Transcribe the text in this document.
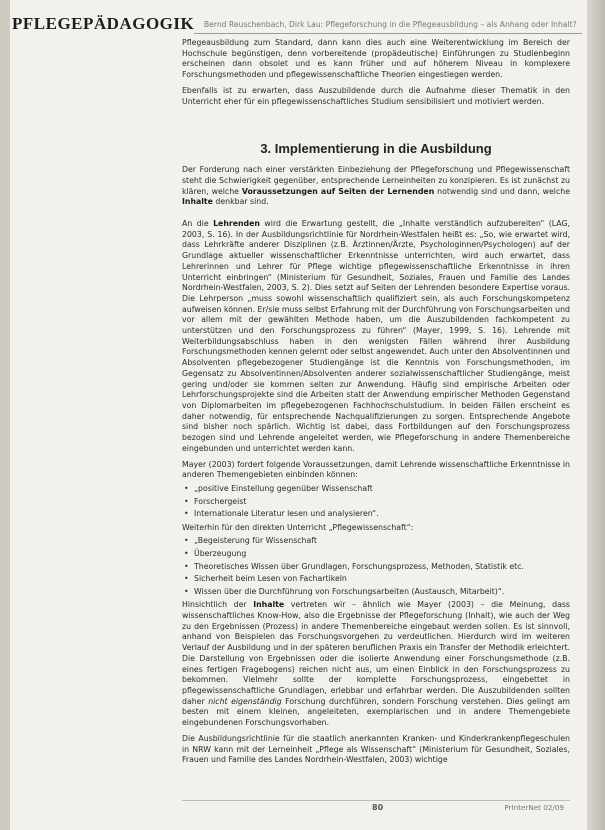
PFLEGEPÄDAGOGIK Bernd Reuschenbach, Dirk Lau: Pflegeforschung in die Pflegeausbildung – als Anhang oder Inhalt?

Pflegeausbildung zum Standard, dann kann dies auch eine Weiterentwicklung im Bereich der Hochschule begünstigen, denn vorbereitende (propädeutische) Einführungen zu Studienbeginn erscheinen dann obsolet und es kann früher und auf höherem Niveau in komplexere Forschungsmethoden und pflegewissenschaftliche Theorien eingestiegen werden.

Ebenfalls ist zu erwarten, dass Auszubildende durch die Aufnahme dieser Thematik in den Unterricht eher für ein pflegewissenschaftliches Studium sensibilisiert und motiviert werden.

3. Implementierung in die Ausbildung

Der Forderung nach einer verstärkten Einbeziehung der Pflegeforschung und Pflegewissenschaft steht die Schwierigkeit gegenüber, entsprechende Lerneinheiten zu konzipieren. Es ist zunächst zu klären, welche Voraussetzungen auf Seiten der Lernenden notwendig sind und dann, welche Inhalte denkbar sind.

An die Lehrenden wird die Erwartung gestellt, die „Inhalte verständlich aufzubereiten“ (LAG, 2003, S. 16). In der Ausbildungsrichtlinie für Nordrhein-Westfalen heißt es: „So, wie erwartet wird, dass Lehrkräfte anderer Disziplinen (z.B. Ärztinnen/Ärzte, Psychologinnen/Psychologen) auf der Grundlage aktueller wissenschaftlicher Erkenntnisse unterrichten, wird auch erwartet, dass Lehrerinnen und Lehrer für Pflege wichtige pflegewissenschaftliche Erkenntnisse in ihren Unterricht einbringen“ (Ministerium für Gesundheit, Soziales, Frauen und Familie des Landes Nordrhein-Westfalen, 2003, S. 2). Dies setzt auf Seiten der Lehrenden besondere Expertise voraus. Die Lehrperson „muss sowohl wissenschaftlich qualifiziert sein, als auch Forschungskompetenz aufweisen können. Er/sie muss selbst Erfahrung mit der Durchführung von Forschungsarbeiten und vor allem mit der gewählten Methode haben, um die Auszubildenden fachkompetent zu unterstützen und den Forschungsprozess zu führen“ (Mayer, 1999, S. 16). Lehrende mit Weiterbildungsabschluss haben in den wenigsten Fällen während ihrer Ausbildung Forschungsmethoden kennen gelernt oder selbst angewendet. Auch unter den Absolventinnen und Absolventen pflegebezogener Studiengänge ist die Kenntnis von Forschungsmethoden, im Gegensatz zu Absolventinnen/Absolventen anderer sozialwissenschaftlicher Studiengänge, meist gering und/oder sie kommen selten zur Anwendung. Häufig sind empirische Arbeiten oder Lehrforschungsprojekte sind die Arbeiten statt der Anwendung empirischer Methoden Gegenstand von Diplomarbeiten im pflegebezogenen Fachhochschulstudium. In beiden Fällen erscheint es daher notwendig, für entsprechende Nachqualifizierungen zu sorgen. Entsprechende Angebote sind bisher noch spärlich. Wichtig ist dabei, dass Fortbildungen auf den Forschungsprozess bezogen sind und Lehrende angeleitet werden, wie Pflegeforschung in andere Themenbereiche eingebunden und unterrichtet werden kann.

Mayer (2003) fordert folgende Voraussetzungen, damit Lehrende wissenschaftliche Erkenntnisse in anderen Themengebieten einbinden können:

• „positive Einstellung gegenüber Wissenschaft
• Forschergeist
• Internationale Literatur lesen und analysieren“.

Weiterhin für den direkten Unterricht „Pflegewissenschaft“:

• „Begeisterung für Wissenschaft
• Überzeugung
• Theoretisches Wissen über Grundlagen, Forschungsprozess, Methoden, Statistik etc.
• Sicherheit beim Lesen von Fachartikeln
• Wissen über die Durchführung von Forschungsarbeiten (Austausch, Mitarbeit)“.

Hinsichtlich der Inhalte vertreten wir – ähnlich wie Mayer (2003) – die Meinung, dass wissenschaftliches Know-How, also die Ergebnisse der Pflegeforschung (Inhalt), wie auch der Weg zu den Ergebnissen (Prozess) in andere Themenbereiche eingebaut werden sollen. Es ist sinnvoll, anhand von Beispielen das Forschungsvorgehen zu verdeutlichen. Hierdurch wird im weiteren Verlauf der Ausbildung und in der späteren beruflichen Praxis ein Transfer der Methodik erleichtert. Die Darstellung von Ergebnissen oder die isolierte Anwendung einer Forschungsmethode (z.B. eines fertigen Fragebogens) reichen nicht aus, um einen Einblick in den Forschungsprozess zu bekommen. Vielmehr sollte der komplette Forschungsprozess, eingebettet in pflegewissenschaftliche Grundlagen, erlebbar und erfahrbar werden. Die Auszubildenden sollten daher nicht eigenständig Forschung durchführen, sondern Forschung verstehen. Dies gelingt am besten mit einem kleinen, angeleiteten, exemplarischen und in andere Themengebiete eingebundenen Forschungsvorhaben.

Die Ausbildungsrichtlinie für die staatlich anerkannten Kranken- und Kinderkrankenpflegeschulen in NRW kann mit der Lerneinheit „Pflege als Wissenschaft“ (Ministerium für Gesundheit, Soziales, Frauen und Familie des Landes Nordrhein-Westfalen, 2003) wichtige

80	PrInterNet 02/09
